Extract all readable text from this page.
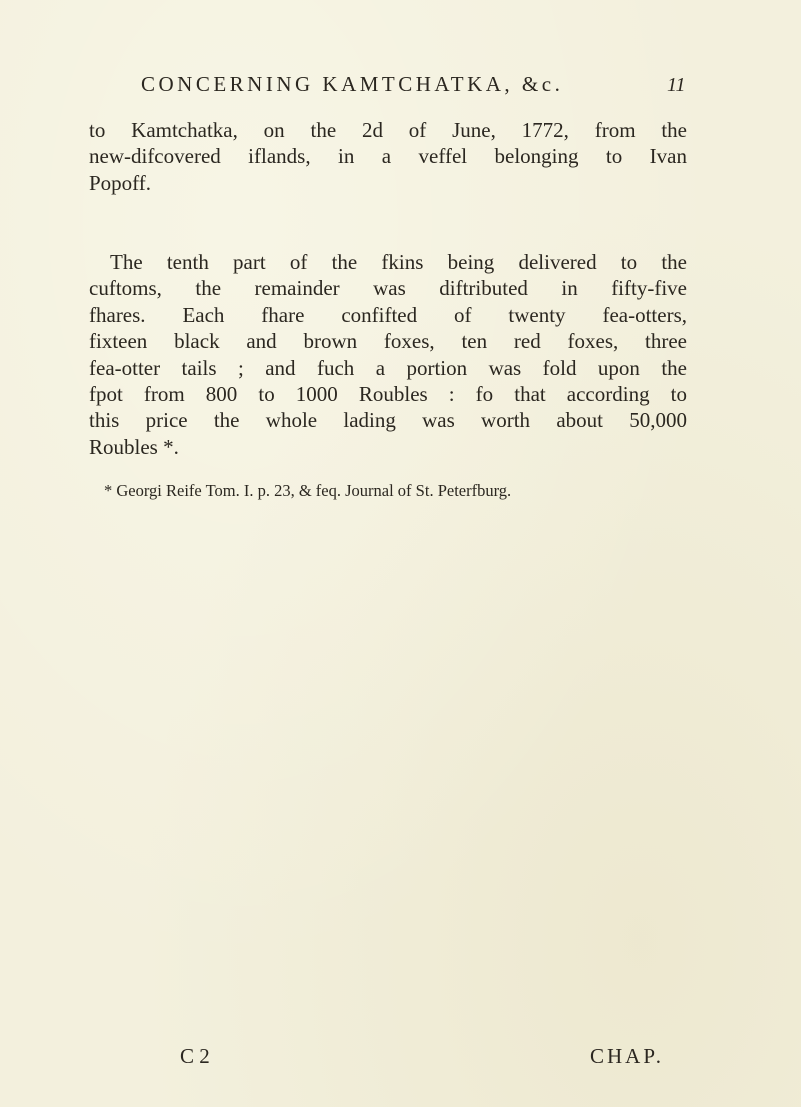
CONCERNING KAMTCHATKA, &c.	11
to Kamtchatka, on the 2d of June, 1772, from the
new-difcovered iflands, in a veffel belonging to Ivan
Popoff.
The tenth part of the fkins being delivered to the
cuftoms, the remainder was diftributed in fifty-five
fhares. Each fhare confifted of twenty fea-otters,
fixteen black and brown foxes, ten red foxes, three
fea-otter tails ; and fuch a portion was fold upon the
fpot from 800 to 1000 Roubles : fo that according to
this price the whole lading was worth about 50,000
Roubles *.
* Georgi Reife Tom. I. p. 23, & feq. Journal of St. Peterfburg.
C 2	CHAP.
